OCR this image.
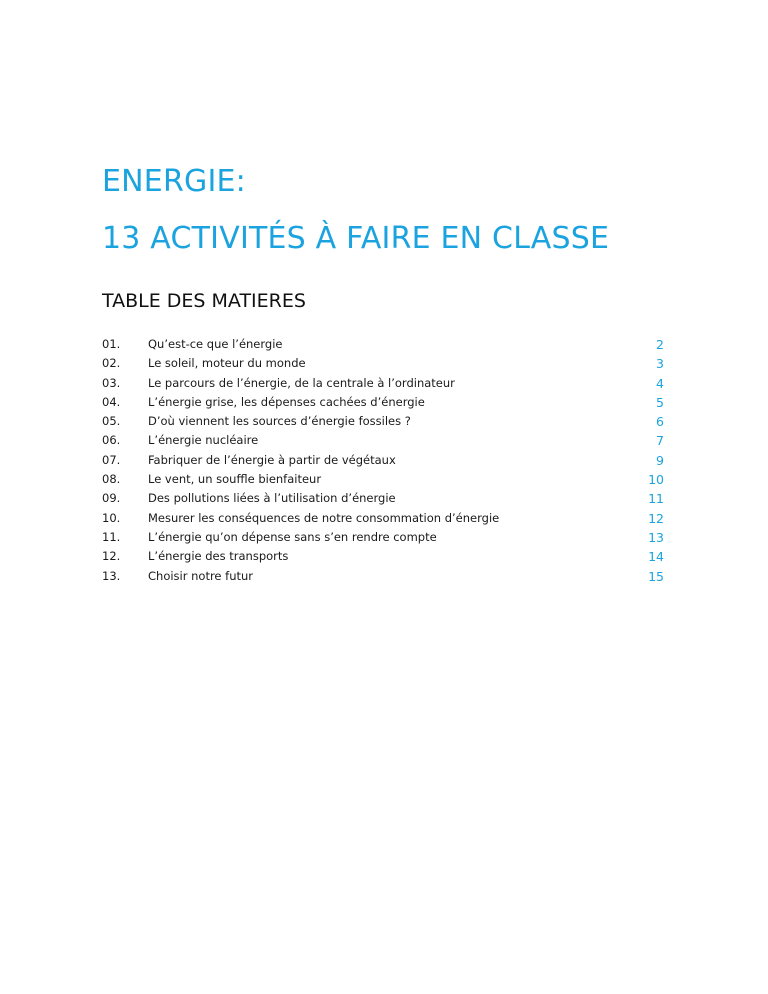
ENERGIE:
13 ACTIVITÉS À FAIRE EN CLASSE
TABLE DES MATIERES
01. Qu’est-ce que l’énergie	2
02. Le soleil, moteur du monde	3
03. Le parcours de l’énergie, de la centrale à l’ordinateur	4
04. L’énergie grise, les dépenses cachées d’énergie	5
05. D’où viennent les sources d’énergie fossiles ?	6
06. L’énergie nucléaire	7
07. Fabriquer de l’énergie à partir de végétaux	9
08. Le vent, un souffle bienfaiteur	10
09. Des pollutions liées à l’utilisation d’énergie	11
10. Mesurer les conséquences de notre consommation d’énergie	12
11. L’énergie qu’on dépense sans s’en rendre compte	13
12. L’énergie des transports	14
13. Choisir notre futur	15
